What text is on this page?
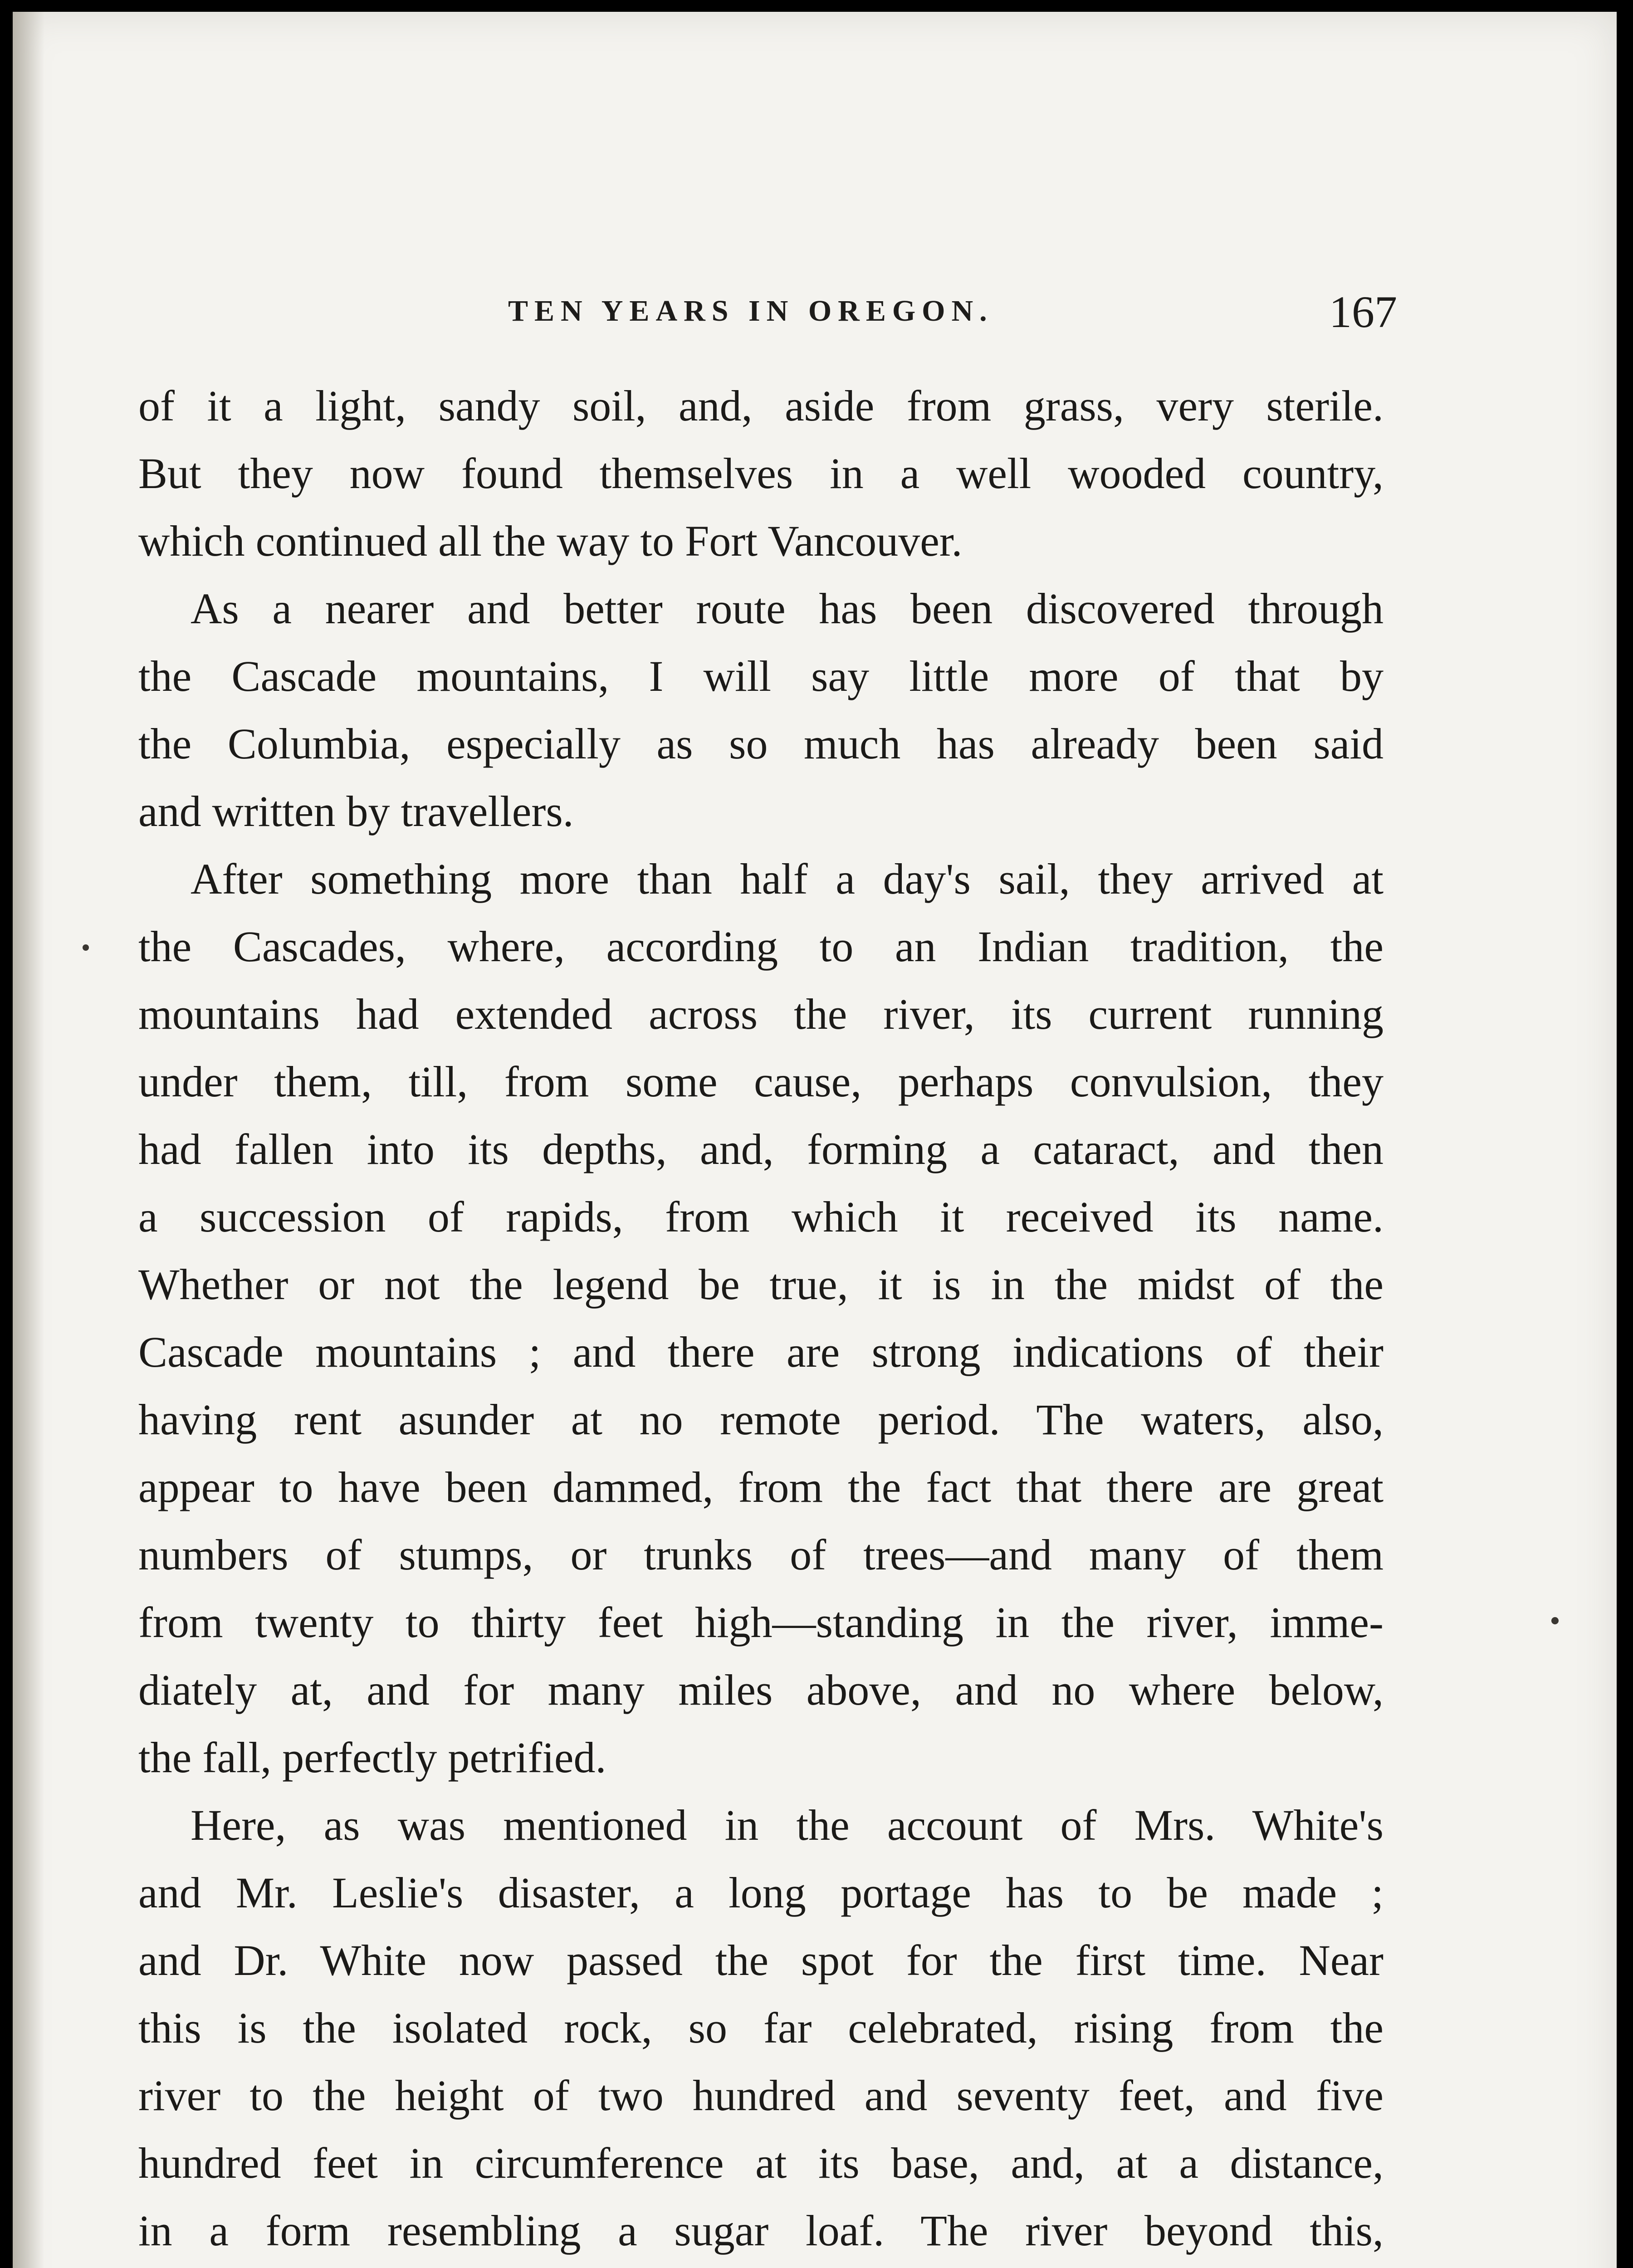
TEN YEARS IN OREGON.	167

of it a light, sandy soil, and, aside from grass, very sterile.

But they now found themselves in a well wooded country,

which continued all the way to Fort Vancouver.

As a nearer and better route has been discovered through

the Cascade mountains, I will say little more of that by

the Columbia, especially as so much has already been said

and written by travellers.

After something more than half a day's sail, they arrived at

the Cascades, where, according to an Indian tradition, the

mountains had extended across the river, its current running

under them, till, from some cause, perhaps convulsion, they

had fallen into its depths, and, forming a cataract, and then

a succession of rapids, from which it received its name.

Whether or not the legend be true, it is in the midst of the

Cascade mountains ; and there are strong indications of their

having rent asunder at no remote period. The waters, also,

appear to have been dammed, from the fact that there are great

numbers of stumps, or trunks of trees—and many of them

from twenty to thirty feet high—standing in the river, imme-

diately at, and for many miles above, and no where below,

the fall, perfectly petrified.

Here, as was mentioned in the account of Mrs. White's

and Mr. Leslie's disaster, a long portage has to be made ;

and Dr. White now passed the spot for the first time. Near

this is the isolated rock, so far celebrated, rising from the

river to the height of two hundred and seventy feet, and five

hundred feet in circumference at its base, and, at a distance,

in a form resembling a sugar loaf. The river beyond this,
